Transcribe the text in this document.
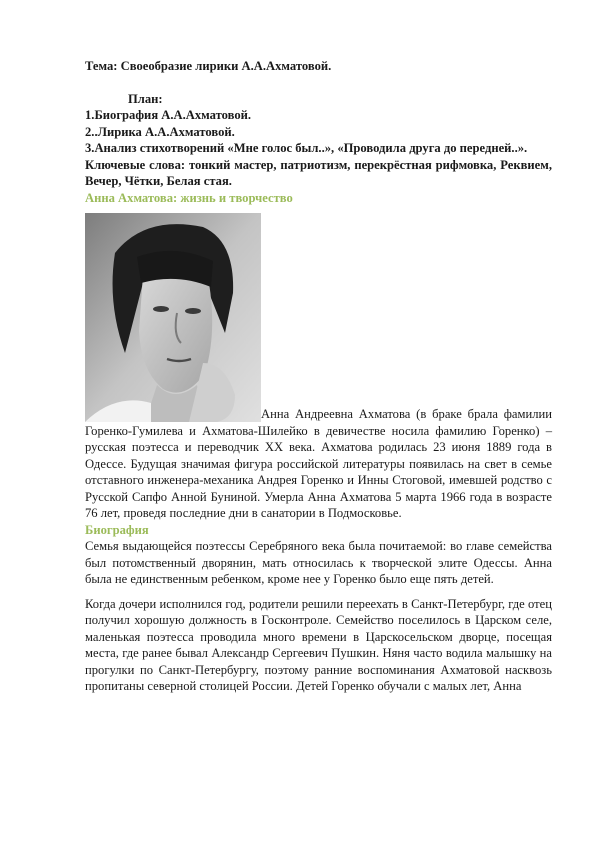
Тема: Своеобразие лирики А.А.Ахматовой.

План:

1.Биография А.А.Ахматовой.
2..Лирика А.А.Ахматовой.
3.Анализ стихотворений «Мне голос был..», «Проводила друга до передней..».

Ключевые слова: тонкий мастер, патриотизм, перекрёстная рифмовка, Реквием, Вечер, Чётки, Белая стая.

Анна Ахматова: жизнь и творчество

Анна Андреевна Ахматова (в браке брала фамилии Горенко-Гумилева и Ахматова-Шилейко в девичестве носила фамилию Горенко) – русская поэтесса и переводчик XX века. Ахматова родилась 23 июня 1889 года в Одессе. Будущая значимая фигура российской литературы появилась на свет в семье отставного инженера-механика Андрея Горенко и Инны Стоговой, имевшей родство с Русской Сапфо Анной Буниной. Умерла Анна Ахматова 5 марта 1966 года в возрасте 76 лет, проведя последние дни в санатории в Подмосковье.

Биография

Семья выдающейся поэтессы Серебряного века была почитаемой: во главе семейства был потомственный дворянин, мать относилась к творческой элите Одессы. Анна была не единственным ребенком, кроме нее у Горенко было еще пять детей.

Когда дочери исполнился год, родители решили переехать в Санкт-Петербург, где отец получил хорошую должность в Госконтроле. Семейство поселилось в Царском селе, маленькая поэтесса проводила много времени в Царскосельском дворце, посещая места, где ранее бывал Александр Сергеевич Пушкин. Няня часто водила малышку на прогулки по Санкт-Петербургу, поэтому ранние воспоминания Ахматовой насквозь пропитаны северной столицей России. Детей Горенко обучали с малых лет, Анна
